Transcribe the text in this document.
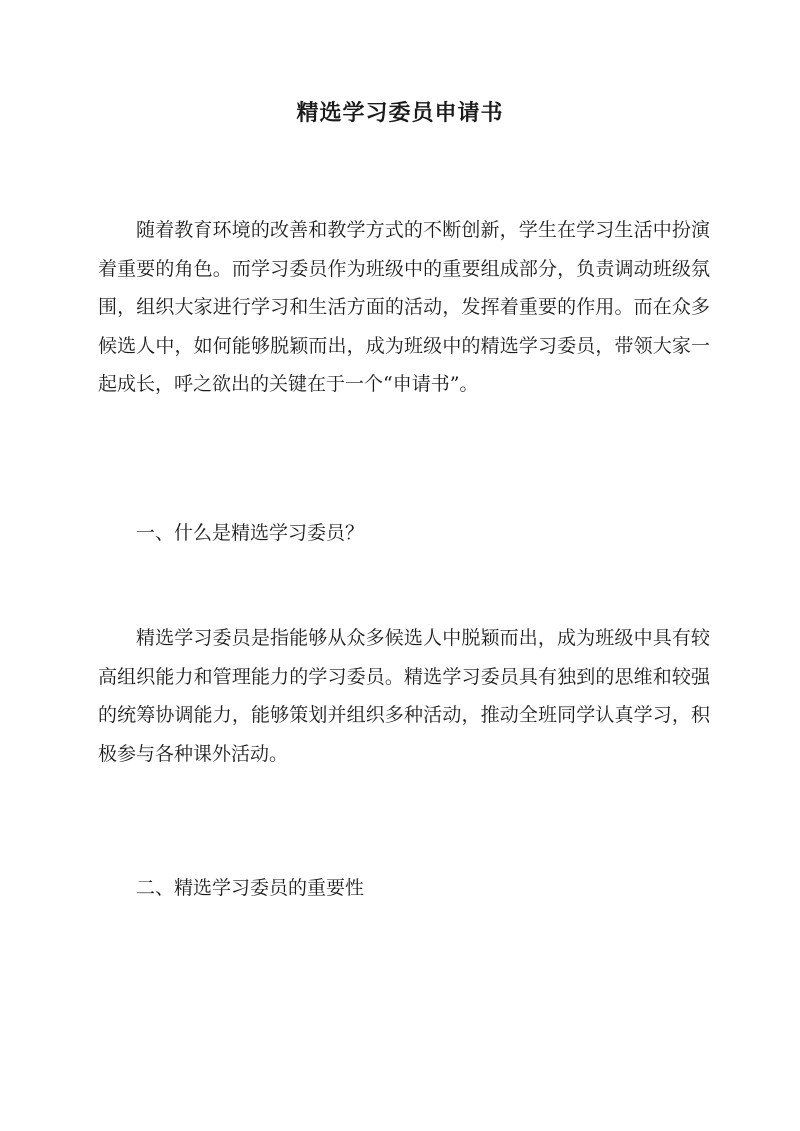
精选学习委员申请书

随着教育环境的改善和教学方式的不断创新，学生在学习生活中扮演着重要的角色。而学习委员作为班级中的重要组成部分，负责调动班级氛围，组织大家进行学习和生活方面的活动，发挥着重要的作用。而在众多候选人中，如何能够脱颖而出，成为班级中的精选学习委员，带领大家一起成长，呼之欲出的关键在于一个“申请书”。

一、什么是精选学习委员？

精选学习委员是指能够从众多候选人中脱颖而出，成为班级中具有较高组织能力和管理能力的学习委员。精选学习委员具有独到的思维和较强的统筹协调能力，能够策划并组织多种活动，推动全班同学认真学习，积极参与各种课外活动。

二、精选学习委员的重要性
